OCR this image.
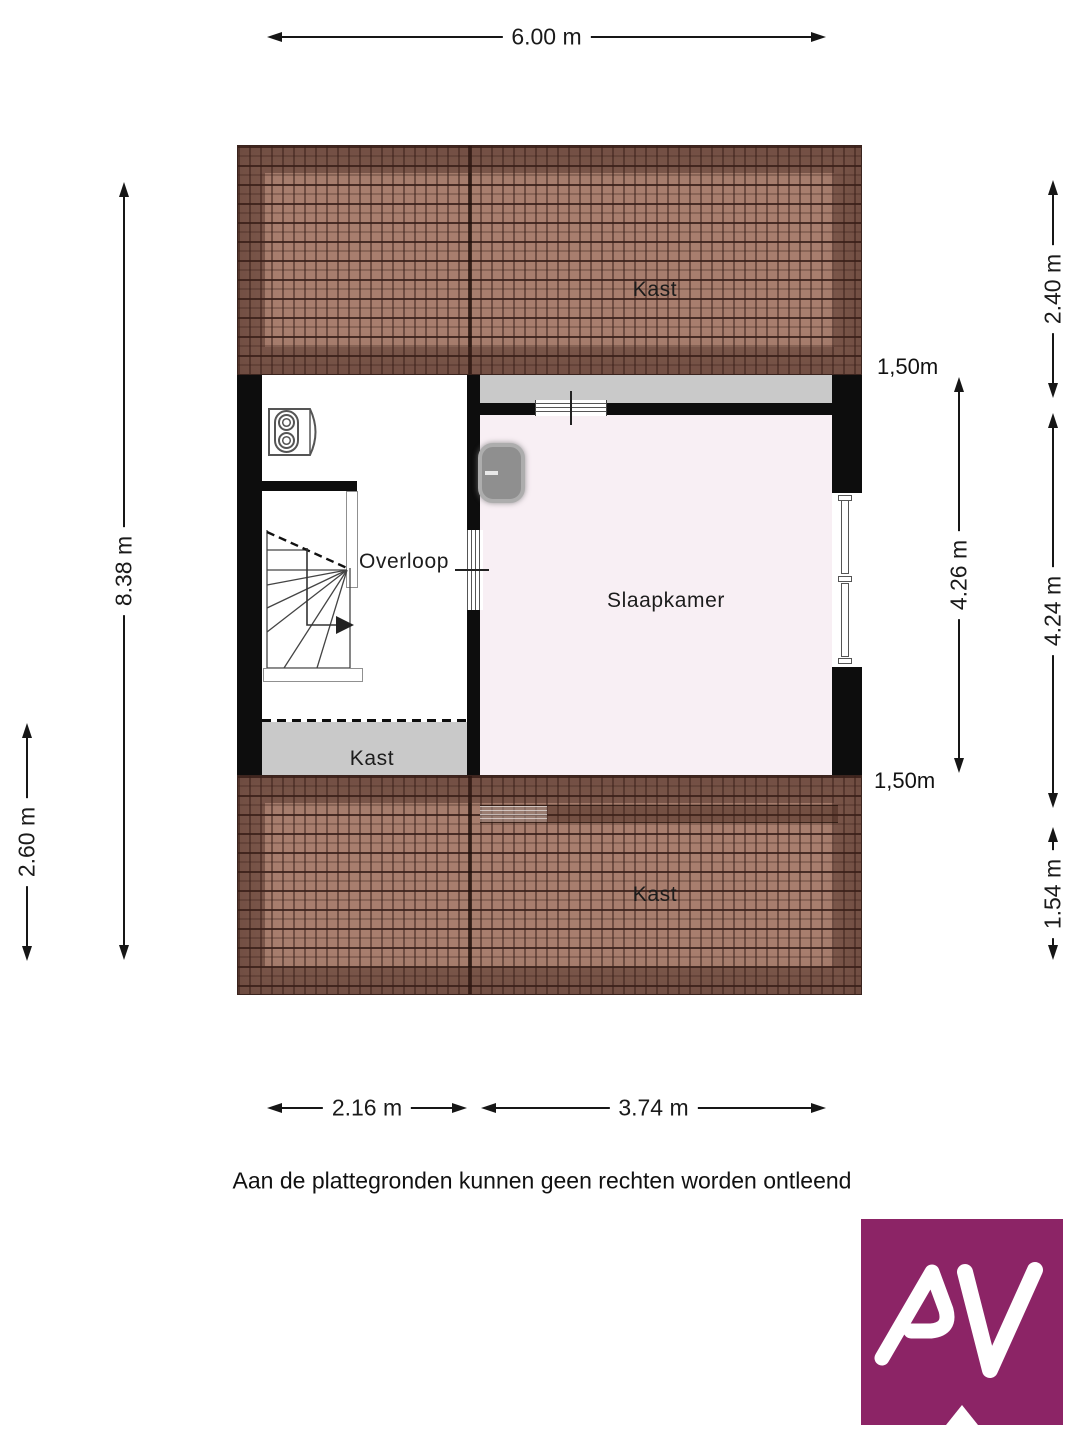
Kast
Overloop
Slaapkamer
Kast
Kast
6.00 m
8.38 m
2.60 m
4.26 m
2.40 m
4.24 m
1.54 m
1,50m
1,50m
2.16 m	3.74 m
Aan de plattegronden kunnen geen rechten worden ontleend
